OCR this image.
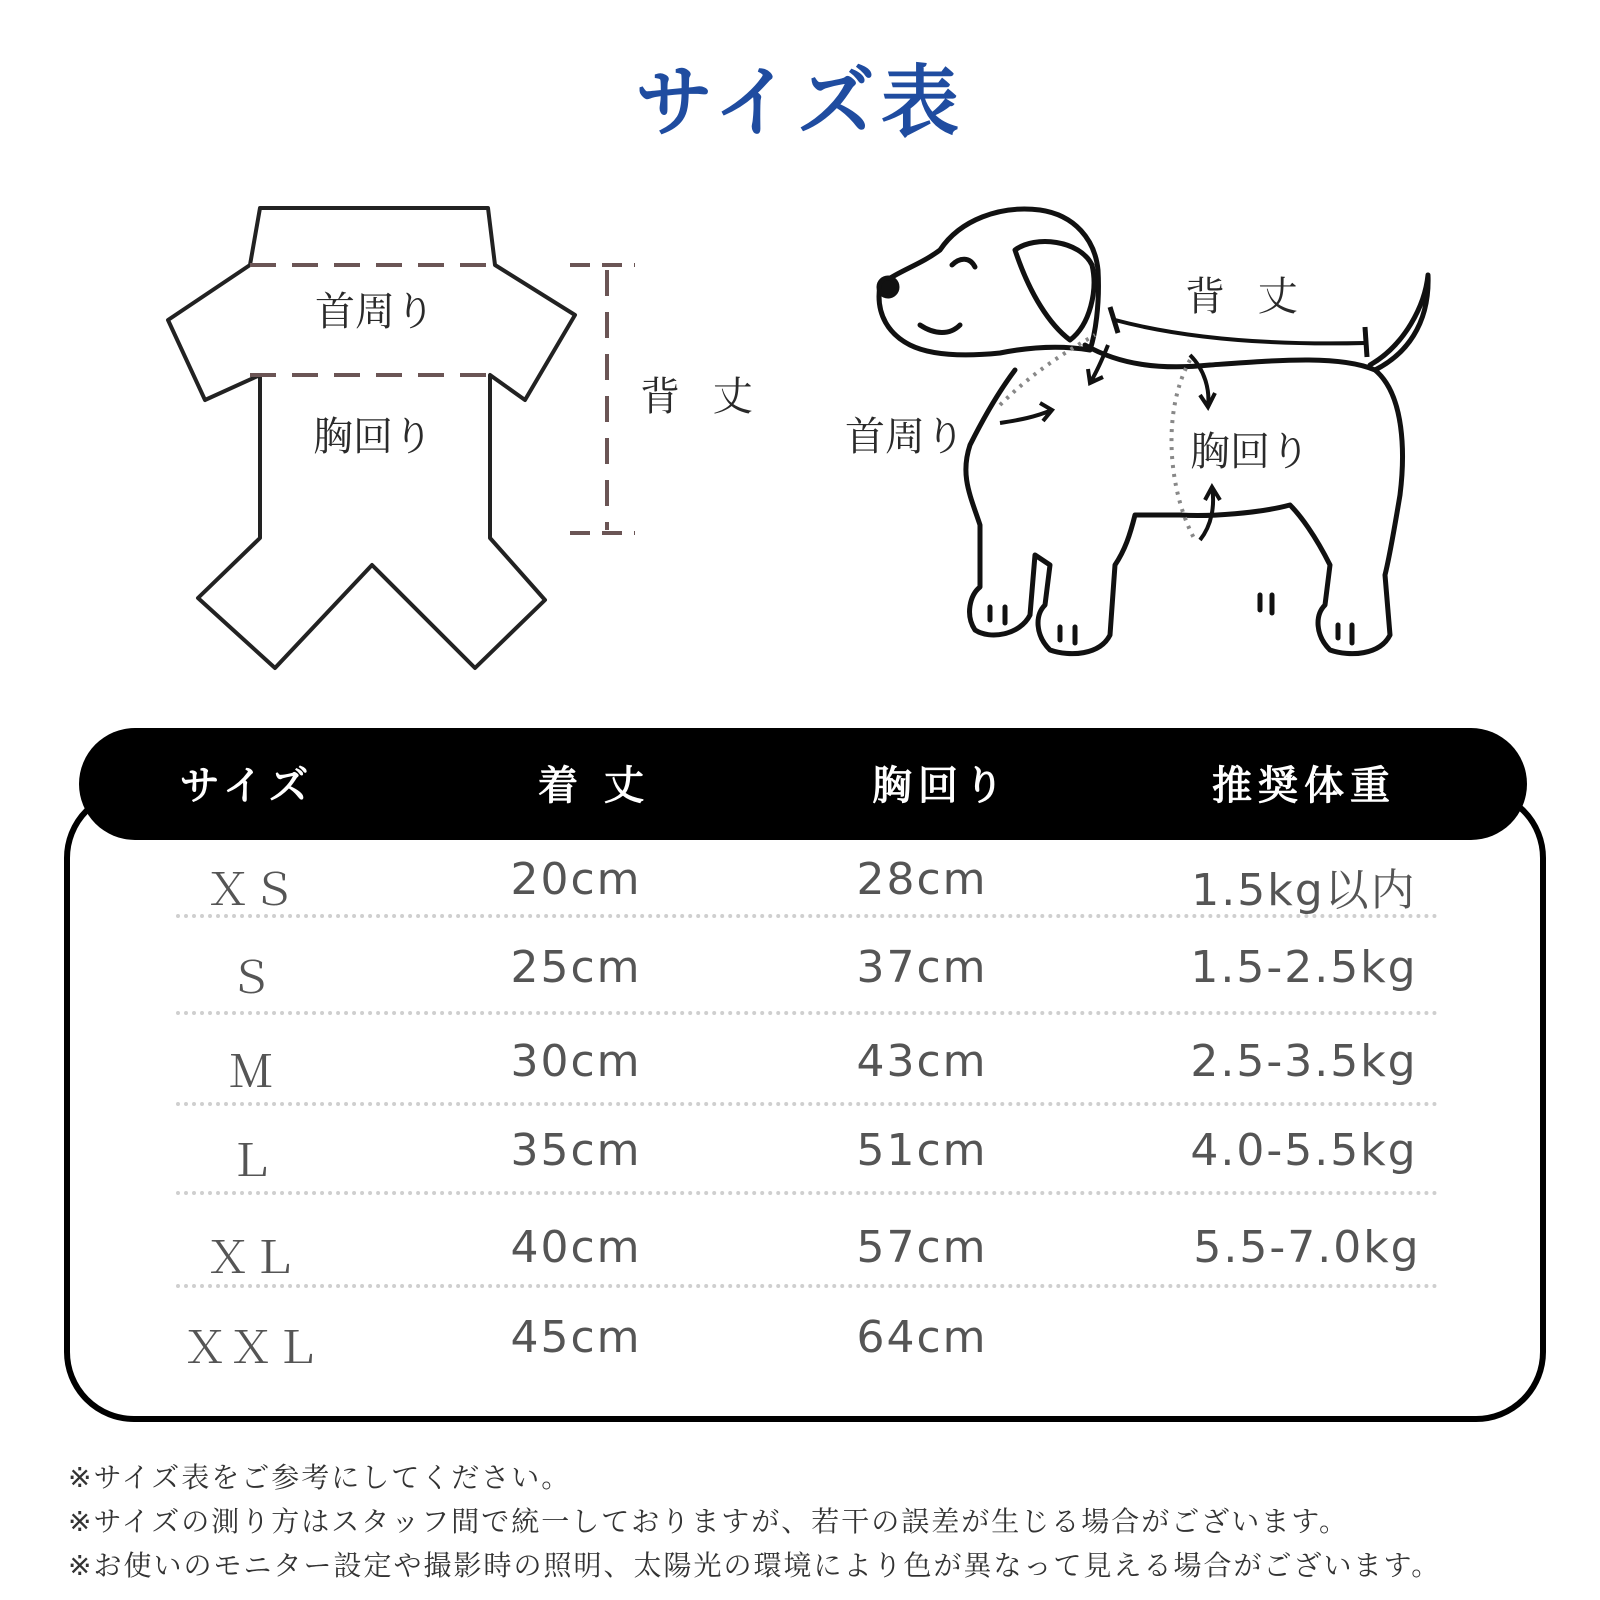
サイズ表
首周り
胸回り
背 丈
背 丈
首周り	胸回り
サイズ	着 丈	胸回り	推奨体重
ＸＳ	20cm	28cm	1.5kg以内
Ｓ	25cm	37cm	1.5-2.5kg
Ｍ	30cm	43cm	2.5-3.5kg
Ｌ	35cm	51cm	4.0-5.5kg
ＸＬ	40cm	57cm	5.5-7.0kg
ＸＸＬ	45cm	64cm
※サイズ表をご参考にしてください。
※サイズの測り方はスタッフ間で統一しておりますが、若干の誤差が生じる場合がございます。
※お使いのモニター設定や撮影時の照明、太陽光の環境により色が異なって見える場合がございます。
